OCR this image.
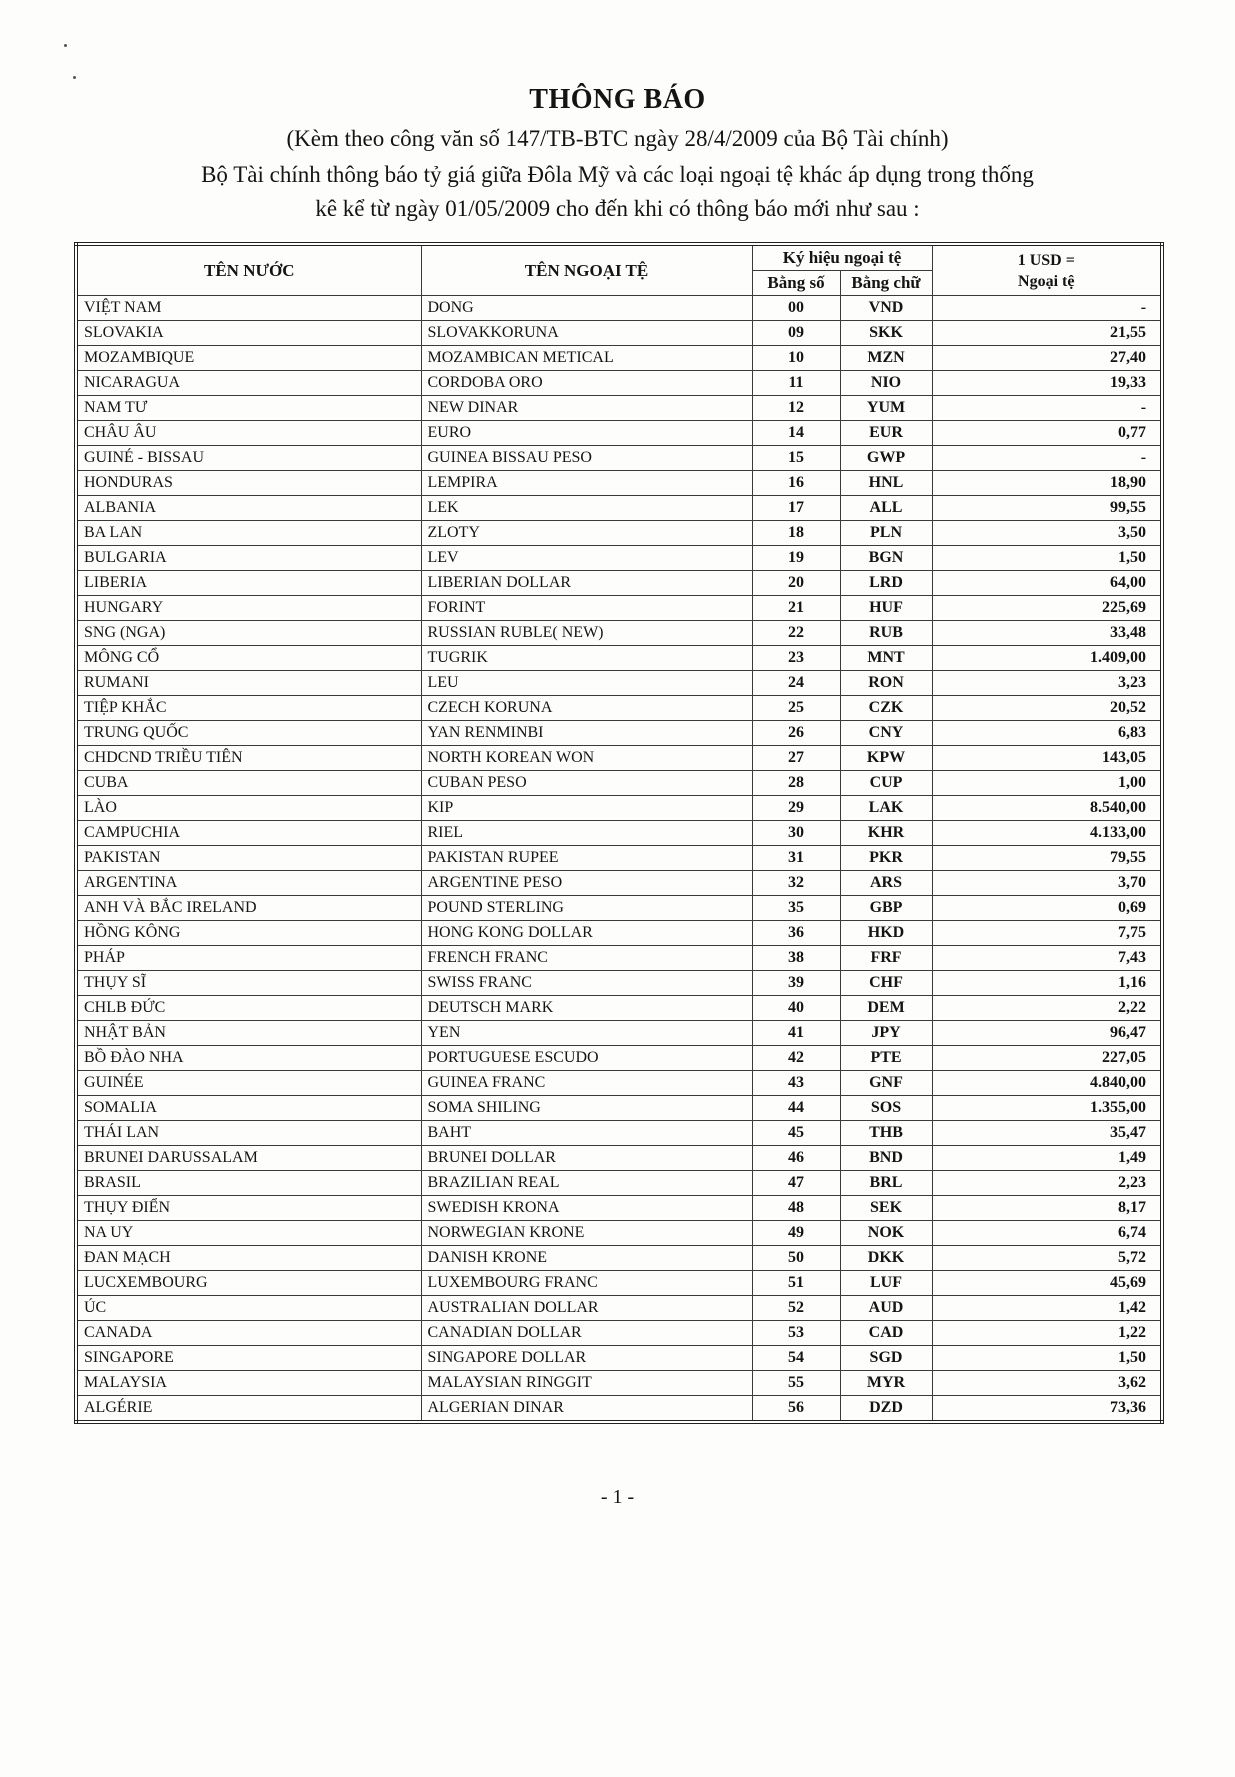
THÔNG BÁO
(Kèm theo công văn số 147/TB-BTC ngày 28/4/2009 của Bộ Tài chính)
Bộ Tài chính thông báo tỷ giá giữa Đôla Mỹ và các loại ngoại tệ khác áp dụng trong thống
kê kể từ ngày 01/05/2009 cho đến khi có thông báo mới như sau :
TÊN NƯỚC	TÊN NGOẠI TỆ	Ký hiệu ngoại tệ		1 USD =
Ngoại tệ

		Bằng số	Bằng chữ	
VIỆT NAM	DONG	00	VND	-
SLOVAKIA	SLOVAKKORUNA	09	SKK	21,55
MOZAMBIQUE	MOZAMBICAN METICAL	10	MZN	27,40
NICARAGUA	CORDOBA ORO	11	NIO	19,33
NAM TƯ	NEW DINAR	12	YUM	-
CHÂU ÂU	EURO	14	EUR	0,77
GUINÉ - BISSAU	GUINEA BISSAU PESO	15	GWP	-
HONDURAS	LEMPIRA	16	HNL	18,90
ALBANIA	LEK	17	ALL	99,55
BA LAN	ZLOTY	18	PLN	3,50
BULGARIA	LEV	19	BGN	1,50
LIBERIA	LIBERIAN DOLLAR	20	LRD	64,00
HUNGARY	FORINT	21	HUF	225,69
SNG (NGA)	RUSSIAN RUBLE( NEW)	22	RUB	33,48
MÔNG CỔ	TUGRIK	23	MNT	1.409,00
RUMANI	LEU	24	RON	3,23
TIỆP KHẮC	CZECH KORUNA	25	CZK	20,52
TRUNG QUỐC	YAN RENMINBI	26	CNY	6,83
CHDCND TRIỀU TIÊN	NORTH KOREAN WON	27	KPW	143,05
CUBA	CUBAN PESO	28	CUP	1,00
LÀO	KIP	29	LAK	8.540,00
CAMPUCHIA	RIEL	30	KHR	4.133,00
PAKISTAN	PAKISTAN RUPEE	31	PKR	79,55
ARGENTINA	ARGENTINE PESO	32	ARS	3,70
ANH VÀ BẮC IRELAND	POUND STERLING	35	GBP	0,69
HỒNG KÔNG	HONG KONG DOLLAR	36	HKD	7,75
PHÁP	FRENCH FRANC	38	FRF	7,43
THỤY SĨ	SWISS FRANC	39	CHF	1,16
CHLB ĐỨC	DEUTSCH MARK	40	DEM	2,22
NHẬT BẢN	YEN	41	JPY	96,47
BỒ ĐÀO NHA	PORTUGUESE ESCUDO	42	PTE	227,05
GUINÉE	GUINEA FRANC	43	GNF	4.840,00
SOMALIA	SOMA SHILING	44	SOS	1.355,00
THÁI LAN	BAHT	45	THB	35,47
BRUNEI DARUSSALAM	BRUNEI DOLLAR	46	BND	1,49
BRASIL	BRAZILIAN REAL	47	BRL	2,23
THỤY ĐIỂN	SWEDISH KRONA	48	SEK	8,17
NA UY	NORWEGIAN KRONE	49	NOK	6,74
ĐAN MẠCH	DANISH KRONE	50	DKK	5,72
LUCXEMBOURG	LUXEMBOURG FRANC	51	LUF	45,69
ÚC	AUSTRALIAN DOLLAR	52	AUD	1,42
CANADA	CANADIAN DOLLAR	53	CAD	1,22
SINGAPORE	SINGAPORE DOLLAR	54	SGD	1,50
MALAYSIA	MALAYSIAN RINGGIT	55	MYR	3,62
ALGÉRIE	ALGERIAN DINAR	56	DZD	73,36
- 1 -
